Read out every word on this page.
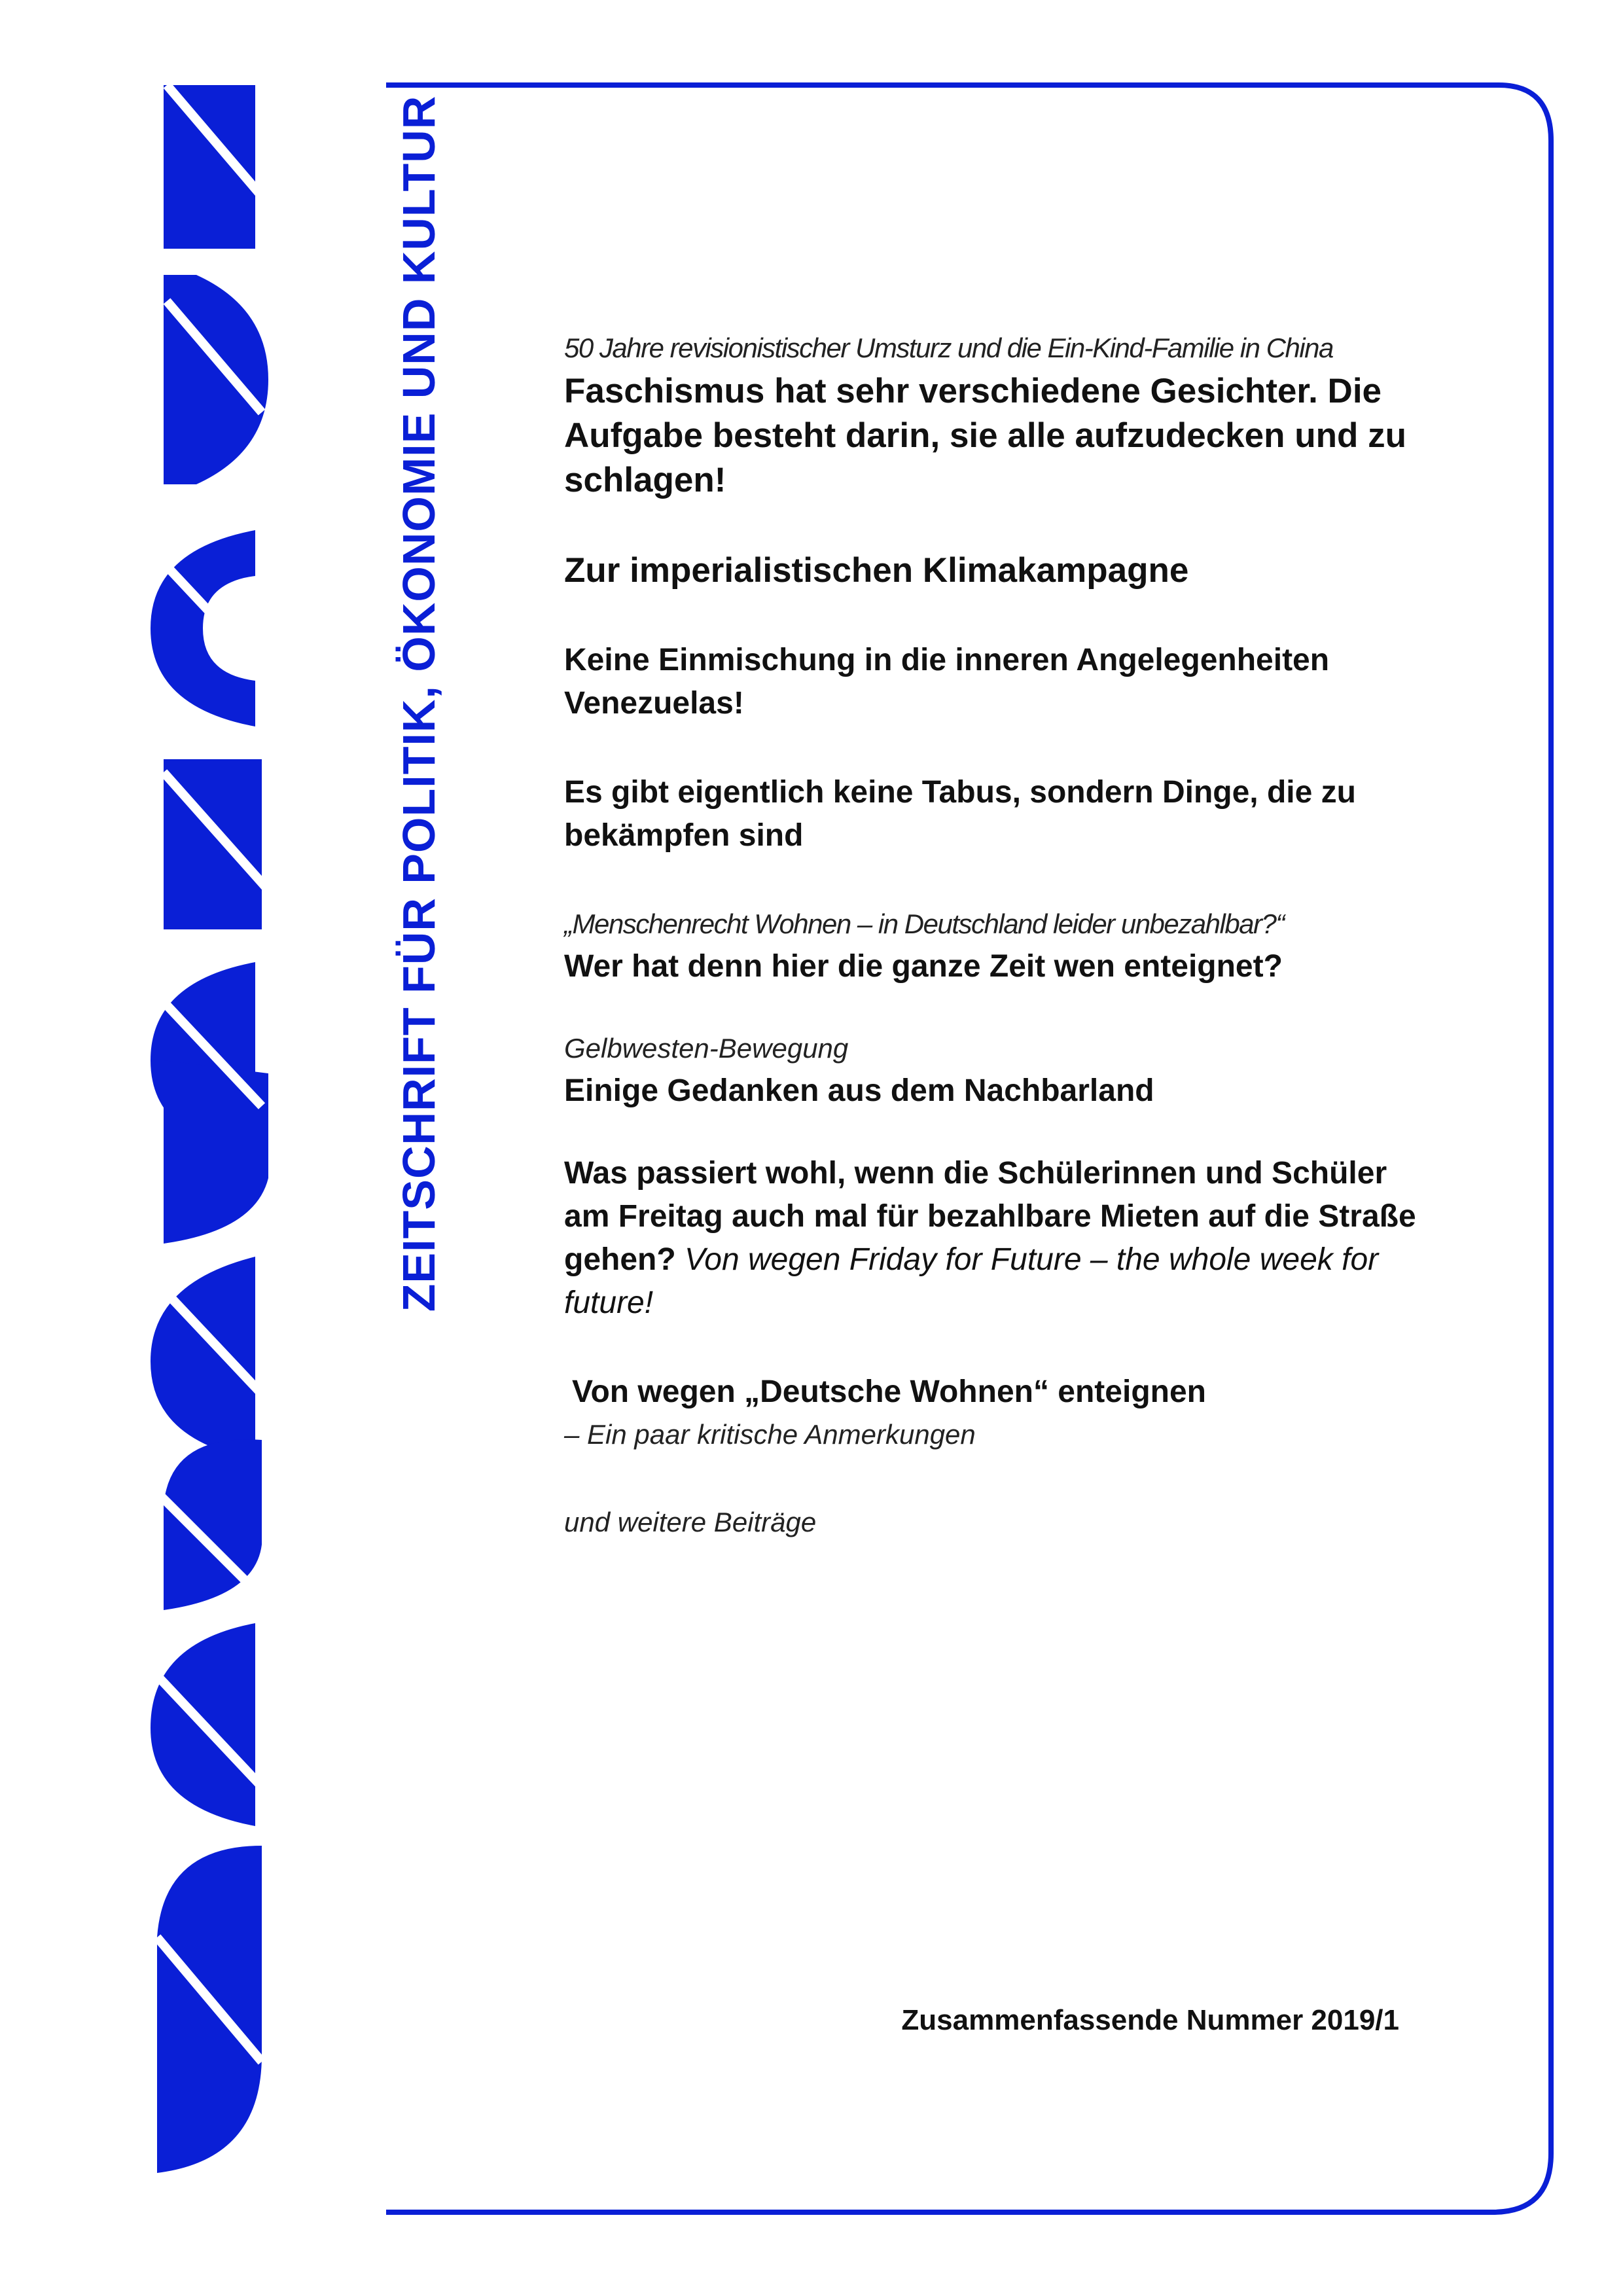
ZEITSCHRIFT FÜR POLITIK, ÖKONOMIE UND KULTUR	50 Jahre revisionistischer Umsturz und die Ein-Kind-Familie in China
Faschismus hat sehr verschiedene Gesichter. Die Aufgabe besteht darin, sie alle aufzudecken und zu schlagen!
Zur imperialistischen Klimakampagne
Keine Einmischung in die inneren Angelegenheiten Venezuelas!
Es gibt eigentlich keine Tabus, sondern Dinge, die zu bekämpfen sind
„Menschenrecht Wohnen – in Deutschland leider unbezahlbar?“
Wer hat denn hier die ganze Zeit wen enteignet?
Gelbwesten-Bewegung
Einige Gedanken aus dem Nachbarland
Was passiert wohl, wenn die Schülerinnen und Schüler am Freitag auch mal für bezahlbare Mieten auf die Straße gehen? Von wegen Friday for Future – the whole week for future!
Von wegen „Deutsche Wohnen“ enteignen
– Ein paar kritische Anmerkungen
und weitere Beiträge
Zusammenfassende Nummer 2019/1
